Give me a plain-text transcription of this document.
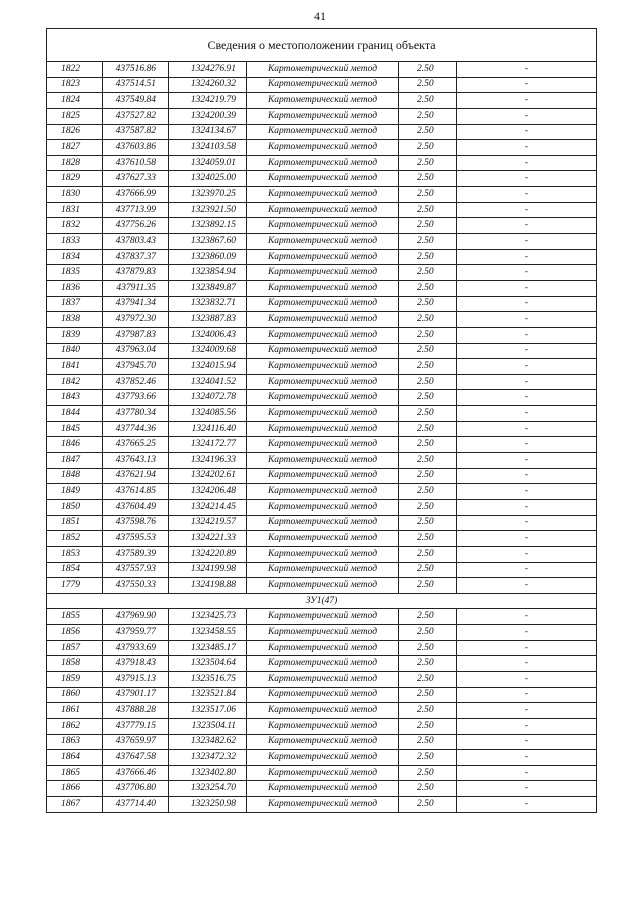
41
Сведения о местоположении границ объекта					
1822	437516.86	1324276.91	Картометрический метод	2.50	-
1823	437514.51	1324260.32	Картометрический метод	2.50	-
1824	437549.84	1324219.79	Картометрический метод	2.50	-
1825	437527.82	1324200.39	Картометрический метод	2.50	-
1826	437587.82	1324134.67	Картометрический метод	2.50	-
1827	437603.86	1324103.58	Картометрический метод	2.50	-
1828	437610.58	1324059.01	Картометрический метод	2.50	-
1829	437627.33	1324025.00	Картометрический метод	2.50	-
1830	437666.99	1323970.25	Картометрический метод	2.50	-
1831	437713.99	1323921.50	Картометрический метод	2.50	-
1832	437756.26	1323892.15	Картометрический метод	2.50	-
1833	437803.43	1323867.60	Картометрический метод	2.50	-
1834	437837.37	1323860.09	Картометрический метод	2.50	-
1835	437879.83	1323854.94	Картометрический метод	2.50	-
1836	437911.35	1323849.87	Картометрический метод	2.50	-
1837	437941.34	1323832.71	Картометрический метод	2.50	-
1838	437972.30	1323887.83	Картометрический метод	2.50	-
1839	437987.83	1324006.43	Картометрический метод	2.50	-
1840	437963.04	1324009.68	Картометрический метод	2.50	-
1841	437945.70	1324015.94	Картометрический метод	2.50	-
1842	437852.46	1324041.52	Картометрический метод	2.50	-
1843	437793.66	1324072.78	Картометрический метод	2.50	-
1844	437780.34	1324085.56	Картометрический метод	2.50	-
1845	437744.36	1324116.40	Картометрический метод	2.50	-
1846	437665.25	1324172.77	Картометрический метод	2.50	-
1847	437643.13	1324196.33	Картометрический метод	2.50	-
1848	437621.94	1324202.61	Картометрический метод	2.50	-
1849	437614.85	1324206.48	Картометрический метод	2.50	-
1850	437604.49	1324214.45	Картометрический метод	2.50	-
1851	437598.76	1324219.57	Картометрический метод	2.50	-
1852	437595.53	1324221.33	Картометрический метод	2.50	-
1853	437589.39	1324220.89	Картометрический метод	2.50	-
1854	437557.93	1324199.98	Картометрический метод	2.50	-
1779	437550.33	1324198.88	Картометрический метод	2.50	-
ЗУ1(47)					
1855	437969.90	1323425.73	Картометрический метод	2.50	-
1856	437959.77	1323458.55	Картометрический метод	2.50	-
1857	437933.69	1323485.17	Картометрический метод	2.50	-
1858	437918.43	1323504.64	Картометрический метод	2.50	-
1859	437915.13	1323516.75	Картометрический метод	2.50	-
1860	437901.17	1323521.84	Картометрический метод	2.50	-
1861	437888.28	1323517.06	Картометрический метод	2.50	-
1862	437779.15	1323504.11	Картометрический метод	2.50	-
1863	437659.97	1323482.62	Картометрический метод	2.50	-
1864	437647.58	1323472.32	Картометрический метод	2.50	-
1865	437666.46	1323402.80	Картометрический метод	2.50	-
1866	437706.80	1323254.70	Картометрический метод	2.50	-
1867	437714.40	1323250.98	Картометрический метод	2.50	-
